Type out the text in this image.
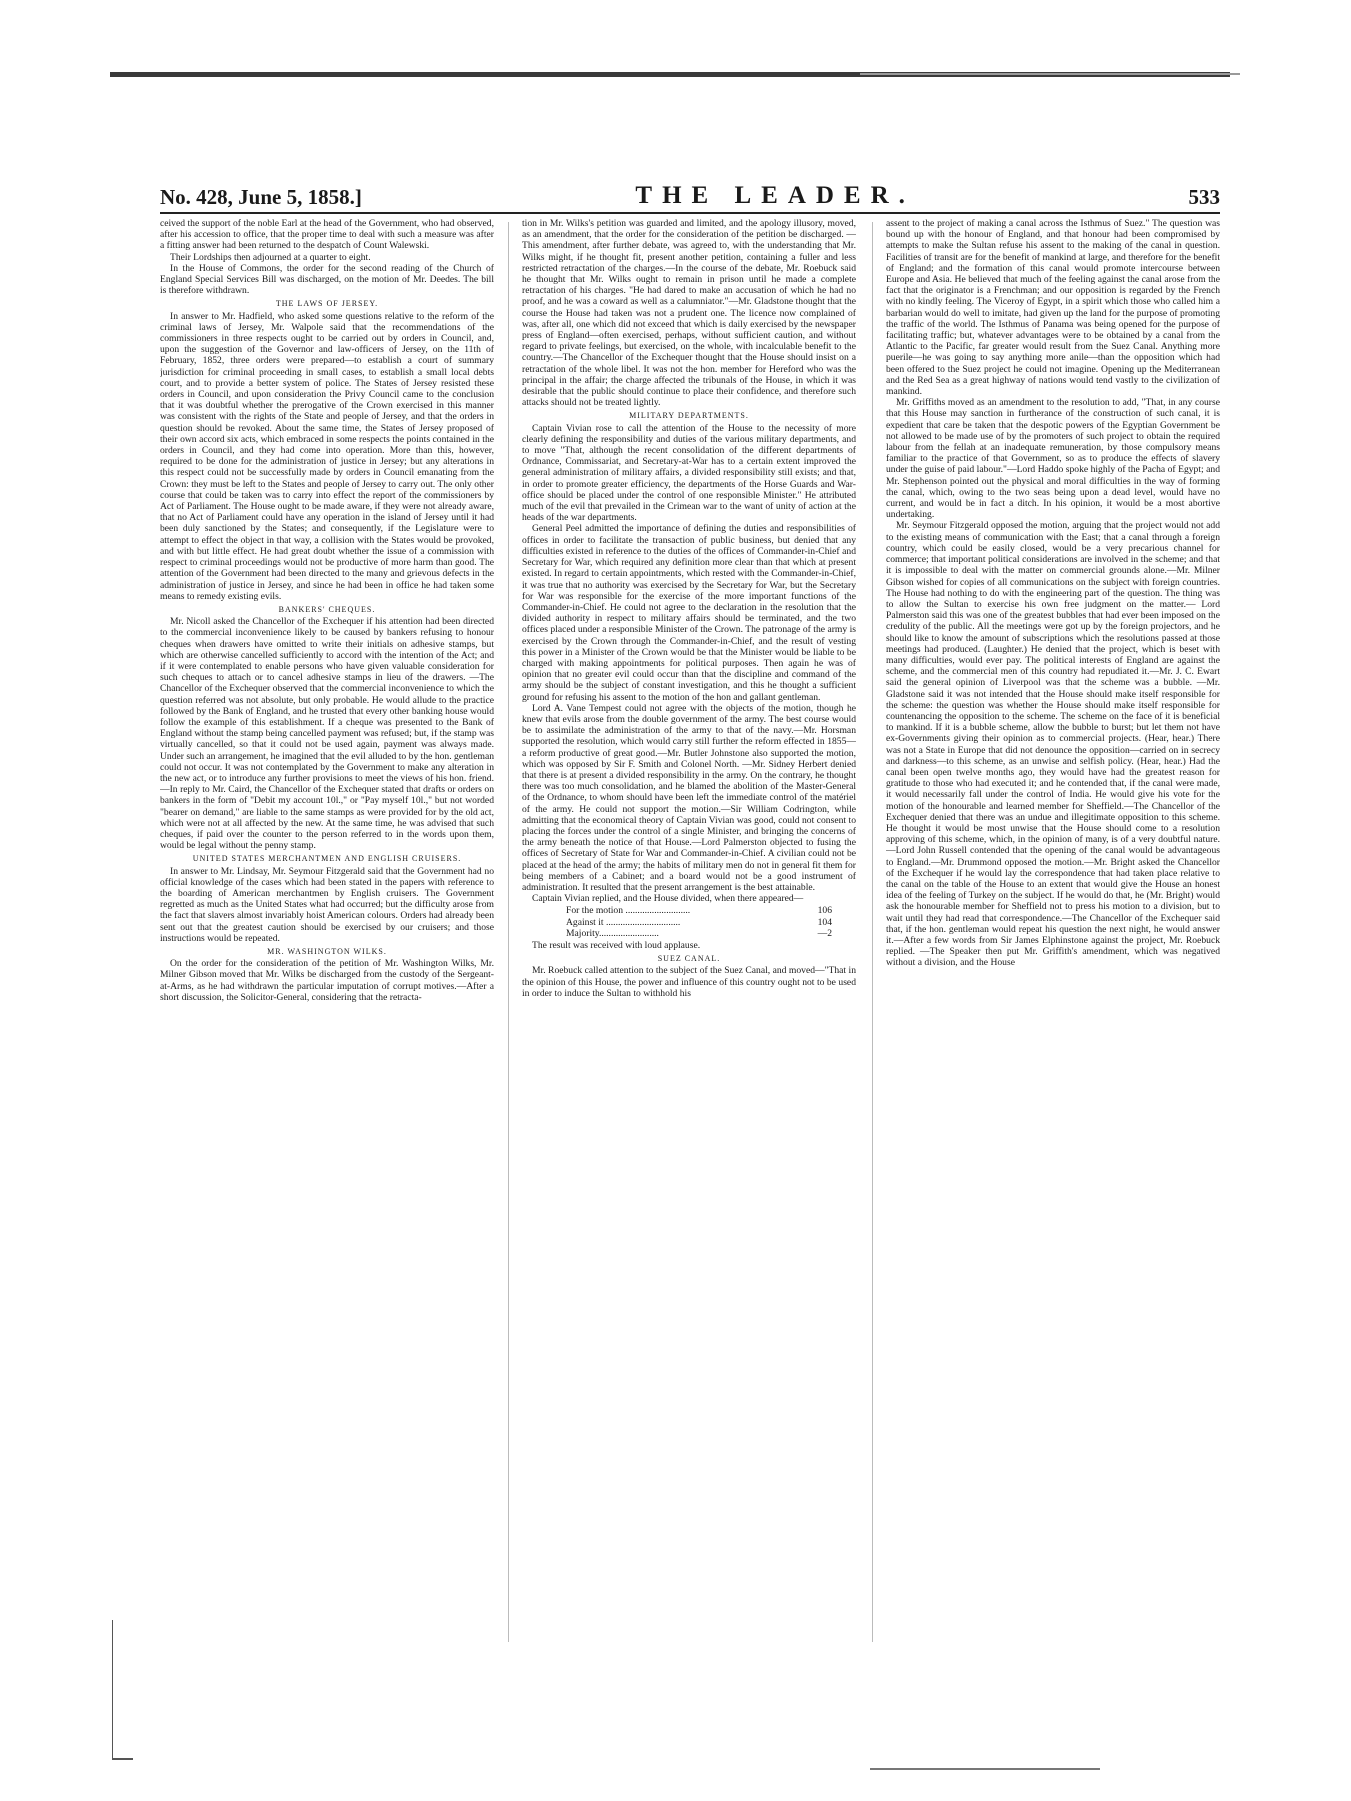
No. 428, June 5, 1858.]	THE LEADER.	533

ceived the support of the noble Earl at the head of the Government, who had observed, after his accession to office, that the proper time to deal with such a measure was after a fitting answer had been returned to the despatch of Count Walewski.

Their Lordships then adjourned at a quarter to eight.

In the House of Commons, the order for the second reading of the Church of England Special Services Bill was discharged, on the motion of Mr. Deedes. The bill is therefore withdrawn.

THE LAWS OF JERSEY.

In answer to Mr. Hadfield, who asked some questions relative to the reform of the criminal laws of Jersey, Mr. Walpole said that the recommendations of the commissioners in three respects ought to be carried out by orders in Council, and, upon the suggestion of the Governor and law-officers of Jersey, on the 11th of February, 1852, three orders were prepared—to establish a court of summary jurisdiction for criminal proceeding in small cases, to establish a small local debts court, and to provide a better system of police. The States of Jersey resisted these orders in Council, and upon consideration the Privy Council came to the conclusion that it was doubtful whether the prerogative of the Crown exercised in this manner was consistent with the rights of the State and people of Jersey, and that the orders in question should be revoked. About the same time, the States of Jersey proposed of their own accord six acts, which embraced in some respects the points contained in the orders in Council, and they had come into operation. More than this, however, required to be done for the administration of justice in Jersey; but any alterations in this respect could not be successfully made by orders in Council emanating from the Crown: they must be left to the States and people of Jersey to carry out. The only other course that could be taken was to carry into effect the report of the commissioners by Act of Parliament. The House ought to be made aware, if they were not already aware, that no Act of Parliament could have any operation in the island of Jersey until it had been duly sanctioned by the States; and consequently, if the Legislature were to attempt to effect the object in that way, a collision with the States would be provoked, and with but little effect. He had great doubt whether the issue of a commission with respect to criminal proceedings would not be productive of more harm than good. The attention of the Government had been directed to the many and grievous defects in the administration of justice in Jersey, and since he had been in office he had taken some means to remedy existing evils.

BANKERS' CHEQUES.

Mr. Nicoll asked the Chancellor of the Exchequer if his attention had been directed to the commercial inconvenience likely to be caused by bankers refusing to honour cheques when drawers have omitted to write their initials on adhesive stamps, but which are otherwise cancelled sufficiently to accord with the intention of the Act; and if it were contemplated to enable persons who have given valuable consideration for such cheques to attach or to cancel adhesive stamps in lieu of the drawers. —The Chancellor of the Exchequer observed that the commercial inconvenience to which the question referred was not absolute, but only probable. He would allude to the practice followed by the Bank of England, and he trusted that every other banking house would follow the example of this establishment. If a cheque was presented to the Bank of England without the stamp being cancelled payment was refused; but, if the stamp was virtually cancelled, so that it could not be used again, payment was always made. Under such an arrangement, he imagined that the evil alluded to by the hon. gentleman could not occur. It was not contemplated by the Government to make any alteration in the new act, or to introduce any further provisions to meet the views of his hon. friend.—In reply to Mr. Caird, the Chancellor of the Exchequer stated that drafts or orders on bankers in the form of "Debit my account 10l.," or "Pay myself 10l.," but not worded "bearer on demand," are liable to the same stamps as were provided for by the old act, which were not at all affected by the new. At the same time, he was advised that such cheques, if paid over the counter to the person referred to in the words upon them, would be legal without the penny stamp.

UNITED STATES MERCHANTMEN AND ENGLISH CRUISERS.

In answer to Mr. Lindsay, Mr. Seymour Fitzgerald said that the Government had no official knowledge of the cases which had been stated in the papers with reference to the boarding of American merchantmen by English cruisers. The Government regretted as much as the United States what had occurred; but the difficulty arose from the fact that slavers almost invariably hoist American colours. Orders had already been sent out that the greatest caution should be exercised by our cruisers; and those instructions would be repeated.

MR. WASHINGTON WILKS.

On the order for the consideration of the petition of Mr. Washington Wilks, Mr. Milner Gibson moved that Mr. Wilks be discharged from the custody of the Sergeant-at-Arms, as he had withdrawn the particular imputation of corrupt motives.—After a short discussion, the Solicitor-General, considering that the retracta-

tion in Mr. Wilks's petition was guarded and limited, and the apology illusory, moved, as an amendment, that the order for the consideration of the petition be discharged. —This amendment, after further debate, was agreed to, with the understanding that Mr. Wilks might, if he thought fit, present another petition, containing a fuller and less restricted retractation of the charges.—In the course of the debate, Mr. Roebuck said he thought that Mr. Wilks ought to remain in prison until he made a complete retractation of his charges. "He had dared to make an accusation of which he had no proof, and he was a coward as well as a calumniator."—Mr. Gladstone thought that the course the House had taken was not a prudent one. The licence now complained of was, after all, one which did not exceed that which is daily exercised by the newspaper press of England—often exercised, perhaps, without sufficient caution, and without regard to private feelings, but exercised, on the whole, with incalculable benefit to the country.—The Chancellor of the Exchequer thought that the House should insist on a retractation of the whole libel. It was not the hon. member for Hereford who was the principal in the affair; the charge affected the tribunals of the House, in which it was desirable that the public should continue to place their confidence, and therefore such attacks should not be treated lightly.

MILITARY DEPARTMENTS.

Captain Vivian rose to call the attention of the House to the necessity of more clearly defining the responsibility and duties of the various military departments, and to move "That, although the recent consolidation of the different departments of Ordnance, Commissariat, and Secretary-at-War has to a certain extent improved the general administration of military affairs, a divided responsibility still exists; and that, in order to promote greater efficiency, the departments of the Horse Guards and War-office should be placed under the control of one responsible Minister." He attributed much of the evil that prevailed in the Crimean war to the want of unity of action at the heads of the war departments.

General Peel admitted the importance of defining the duties and responsibilities of offices in order to facilitate the transaction of public business, but denied that any difficulties existed in reference to the duties of the offices of Commander-in-Chief and Secretary for War, which required any definition more clear than that which at present existed. In regard to certain appointments, which rested with the Commander-in-Chief, it was true that no authority was exercised by the Secretary for War, but the Secretary for War was responsible for the exercise of the more important functions of the Commander-in-Chief. He could not agree to the declaration in the resolution that the divided authority in respect to military affairs should be terminated, and the two offices placed under a responsible Minister of the Crown. The patronage of the army is exercised by the Crown through the Commander-in-Chief, and the result of vesting this power in a Minister of the Crown would be that the Minister would be liable to be charged with making appointments for political purposes. Then again he was of opinion that no greater evil could occur than that the discipline and command of the army should be the subject of constant investigation, and this he thought a sufficient ground for refusing his assent to the motion of the hon and gallant gentleman.

Lord A. Vane Tempest could not agree with the objects of the motion, though he knew that evils arose from the double government of the army. The best course would be to assimilate the administration of the army to that of the navy.—Mr. Horsman supported the resolution, which would carry still further the reform effected in 1855—a reform productive of great good.—Mr. Butler Johnstone also supported the motion, which was opposed by Sir F. Smith and Colonel North. —Mr. Sidney Herbert denied that there is at present a divided responsibility in the army. On the contrary, he thought there was too much consolidation, and he blamed the abolition of the Master-General of the Ordnance, to whom should have been left the immediate control of the matériel of the army. He could not support the motion.—Sir William Codrington, while admitting that the economical theory of Captain Vivian was good, could not consent to placing the forces under the control of a single Minister, and bringing the concerns of the army beneath the notice of that House.—Lord Palmerston objected to fusing the offices of Secretary of State for War and Commander-in-Chief. A civilian could not be placed at the head of the army; the habits of military men do not in general fit them for being members of a Cabinet; and a board would not be a good instrument of administration. It resulted that the present arrangement is the best attainable.

Captain Vivian replied, and the House divided, when there appeared—

For the motion ...........................	106
Against it ...............................	104
Majority.........................	—2

The result was received with loud applause.

SUEZ CANAL.

Mr. Roebuck called attention to the subject of the Suez Canal, and moved—"That in the opinion of this House, the power and influence of this country ought not to be used in order to induce the Sultan to withhold his

assent to the project of making a canal across the Isthmus of Suez." The question was bound up with the honour of England, and that honour had been compromised by attempts to make the Sultan refuse his assent to the making of the canal in question. Facilities of transit are for the benefit of mankind at large, and therefore for the benefit of England; and the formation of this canal would promote intercourse between Europe and Asia. He believed that much of the feeling against the canal arose from the fact that the originator is a Frenchman; and our opposition is regarded by the French with no kindly feeling. The Viceroy of Egypt, in a spirit which those who called him a barbarian would do well to imitate, had given up the land for the purpose of promoting the traffic of the world. The Isthmus of Panama was being opened for the purpose of facilitating traffic; but, whatever advantages were to be obtained by a canal from the Atlantic to the Pacific, far greater would result from the Suez Canal. Anything more puerile—he was going to say anything more anile—than the opposition which had been offered to the Suez project he could not imagine. Opening up the Mediterranean and the Red Sea as a great highway of nations would tend vastly to the civilization of mankind.

Mr. Griffiths moved as an amendment to the resolution to add, "That, in any course that this House may sanction in furtherance of the construction of such canal, it is expedient that care be taken that the despotic powers of the Egyptian Government be not allowed to be made use of by the promoters of such project to obtain the required labour from the fellah at an inadequate remuneration, by those compulsory means familiar to the practice of that Government, so as to produce the effects of slavery under the guise of paid labour."—Lord Haddo spoke highly of the Pacha of Egypt; and Mr. Stephenson pointed out the physical and moral difficulties in the way of forming the canal, which, owing to the two seas being upon a dead level, would have no current, and would be in fact a ditch. In his opinion, it would be a most abortive undertaking.

Mr. Seymour Fitzgerald opposed the motion, arguing that the project would not add to the existing means of communication with the East; that a canal through a foreign country, which could be easily closed, would be a very precarious channel for commerce; that important political considerations are involved in the scheme; and that it is impossible to deal with the matter on commercial grounds alone.—Mr. Milner Gibson wished for copies of all communications on the subject with foreign countries. The House had nothing to do with the engineering part of the question. The thing was to allow the Sultan to exercise his own free judgment on the matter.— Lord Palmerston said this was one of the greatest bubbles that had ever been imposed on the credulity of the public. All the meetings were got up by the foreign projectors, and he should like to know the amount of subscriptions which the resolutions passed at those meetings had produced. (Laughter.) He denied that the project, which is beset with many difficulties, would ever pay. The political interests of England are against the scheme, and the commercial men of this country had repudiated it.—Mr. J. C. Ewart said the general opinion of Liverpool was that the scheme was a bubble. —Mr. Gladstone said it was not intended that the House should make itself responsible for the scheme: the question was whether the House should make itself responsible for countenancing the opposition to the scheme. The scheme on the face of it is beneficial to mankind. If it is a bubble scheme, allow the bubble to burst; but let them not have ex-Governments giving their opinion as to commercial projects. (Hear, hear.) There was not a State in Europe that did not denounce the opposition—carried on in secrecy and darkness—to this scheme, as an unwise and selfish policy. (Hear, hear.) Had the canal been open twelve months ago, they would have had the greatest reason for gratitude to those who had executed it; and he contended that, if the canal were made, it would necessarily fall under the control of India. He would give his vote for the motion of the honourable and learned member for Sheffield.—The Chancellor of the Exchequer denied that there was an undue and illegitimate opposition to this scheme. He thought it would be most unwise that the House should come to a resolution approving of this scheme, which, in the opinion of many, is of a very doubtful nature.—Lord John Russell contended that the opening of the canal would be advantageous to England.—Mr. Drummond opposed the motion.—Mr. Bright asked the Chancellor of the Exchequer if he would lay the correspondence that had taken place relative to the canal on the table of the House to an extent that would give the House an honest idea of the feeling of Turkey on the subject. If he would do that, he (Mr. Bright) would ask the honourable member for Sheffield not to press his motion to a division, but to wait until they had read that correspondence.—The Chancellor of the Exchequer said that, if the hon. gentleman would repeat his question the next night, he would answer it.—After a few words from Sir James Elphinstone against the project, Mr. Roebuck replied. —The Speaker then put Mr. Griffith's amendment, which was negatived without a division, and the House
